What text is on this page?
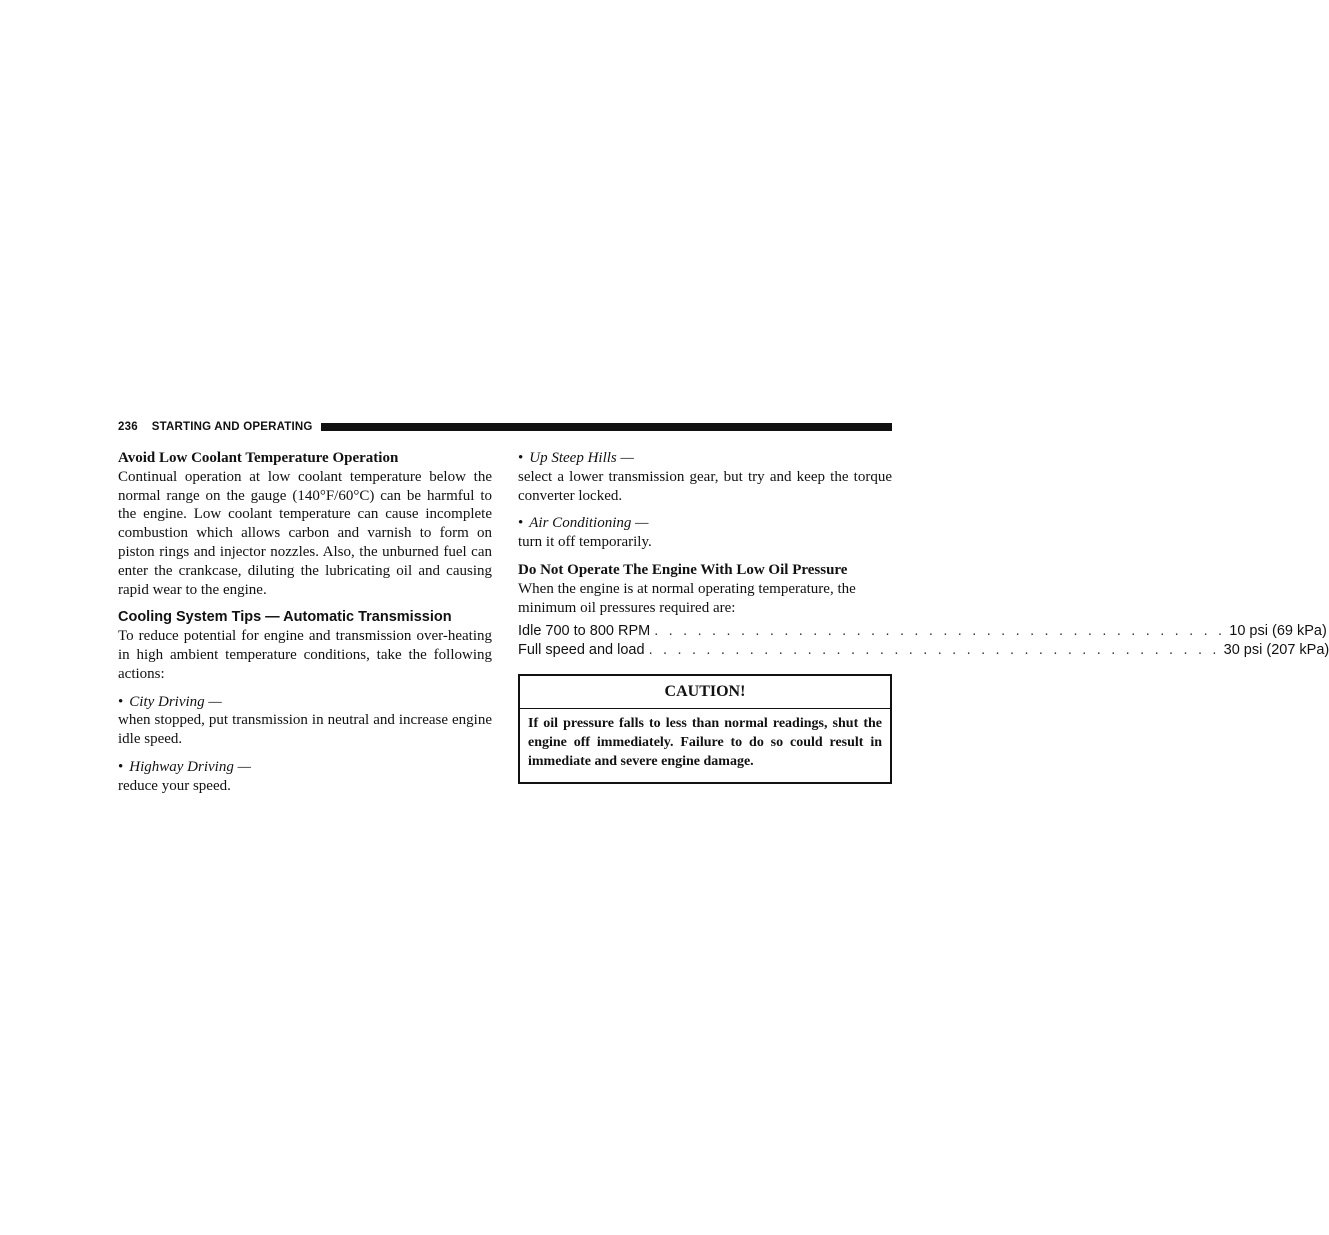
236 STARTING AND OPERATING

Avoid Low Coolant Temperature Operation

Continual operation at low coolant temperature below the normal range on the gauge (140°F/60°C) can be harmful to the engine. Low coolant temperature can cause incomplete combustion which allows carbon and varnish to form on piston rings and injector nozzles. Also, the unburned fuel can enter the crankcase, diluting the lubricating oil and causing rapid wear to the engine.

Cooling System Tips — Automatic Transmission

To reduce potential for engine and transmission over-heating in high ambient temperature conditions, take the following actions:

• City Driving —

when stopped, put transmission in neutral and increase engine idle speed.

• Highway Driving —

reduce your speed.

• Up Steep Hills —

select a lower transmission gear, but try and keep the torque converter locked.

• Air Conditioning —

turn it off temporarily.

Do Not Operate The Engine With Low Oil Pressure

When the engine is at normal operating temperature, the minimum oil pressures required are:

Idle 700 to 800 RPM . . . . . . . . . . . . . . . . . . . . . . . . . . . . . . . . . . . . . . . . 10 psi (69 kPa)
Full speed and load . . . . . . . . . . . . . . . . . . . . . . . . . . . . . . . . . . . . . . . . 30 psi (207 kPa)
CAUTION!
If oil pressure falls to less than normal readings, shut the engine off immediately. Failure to do so could result in immediate and severe engine damage.
